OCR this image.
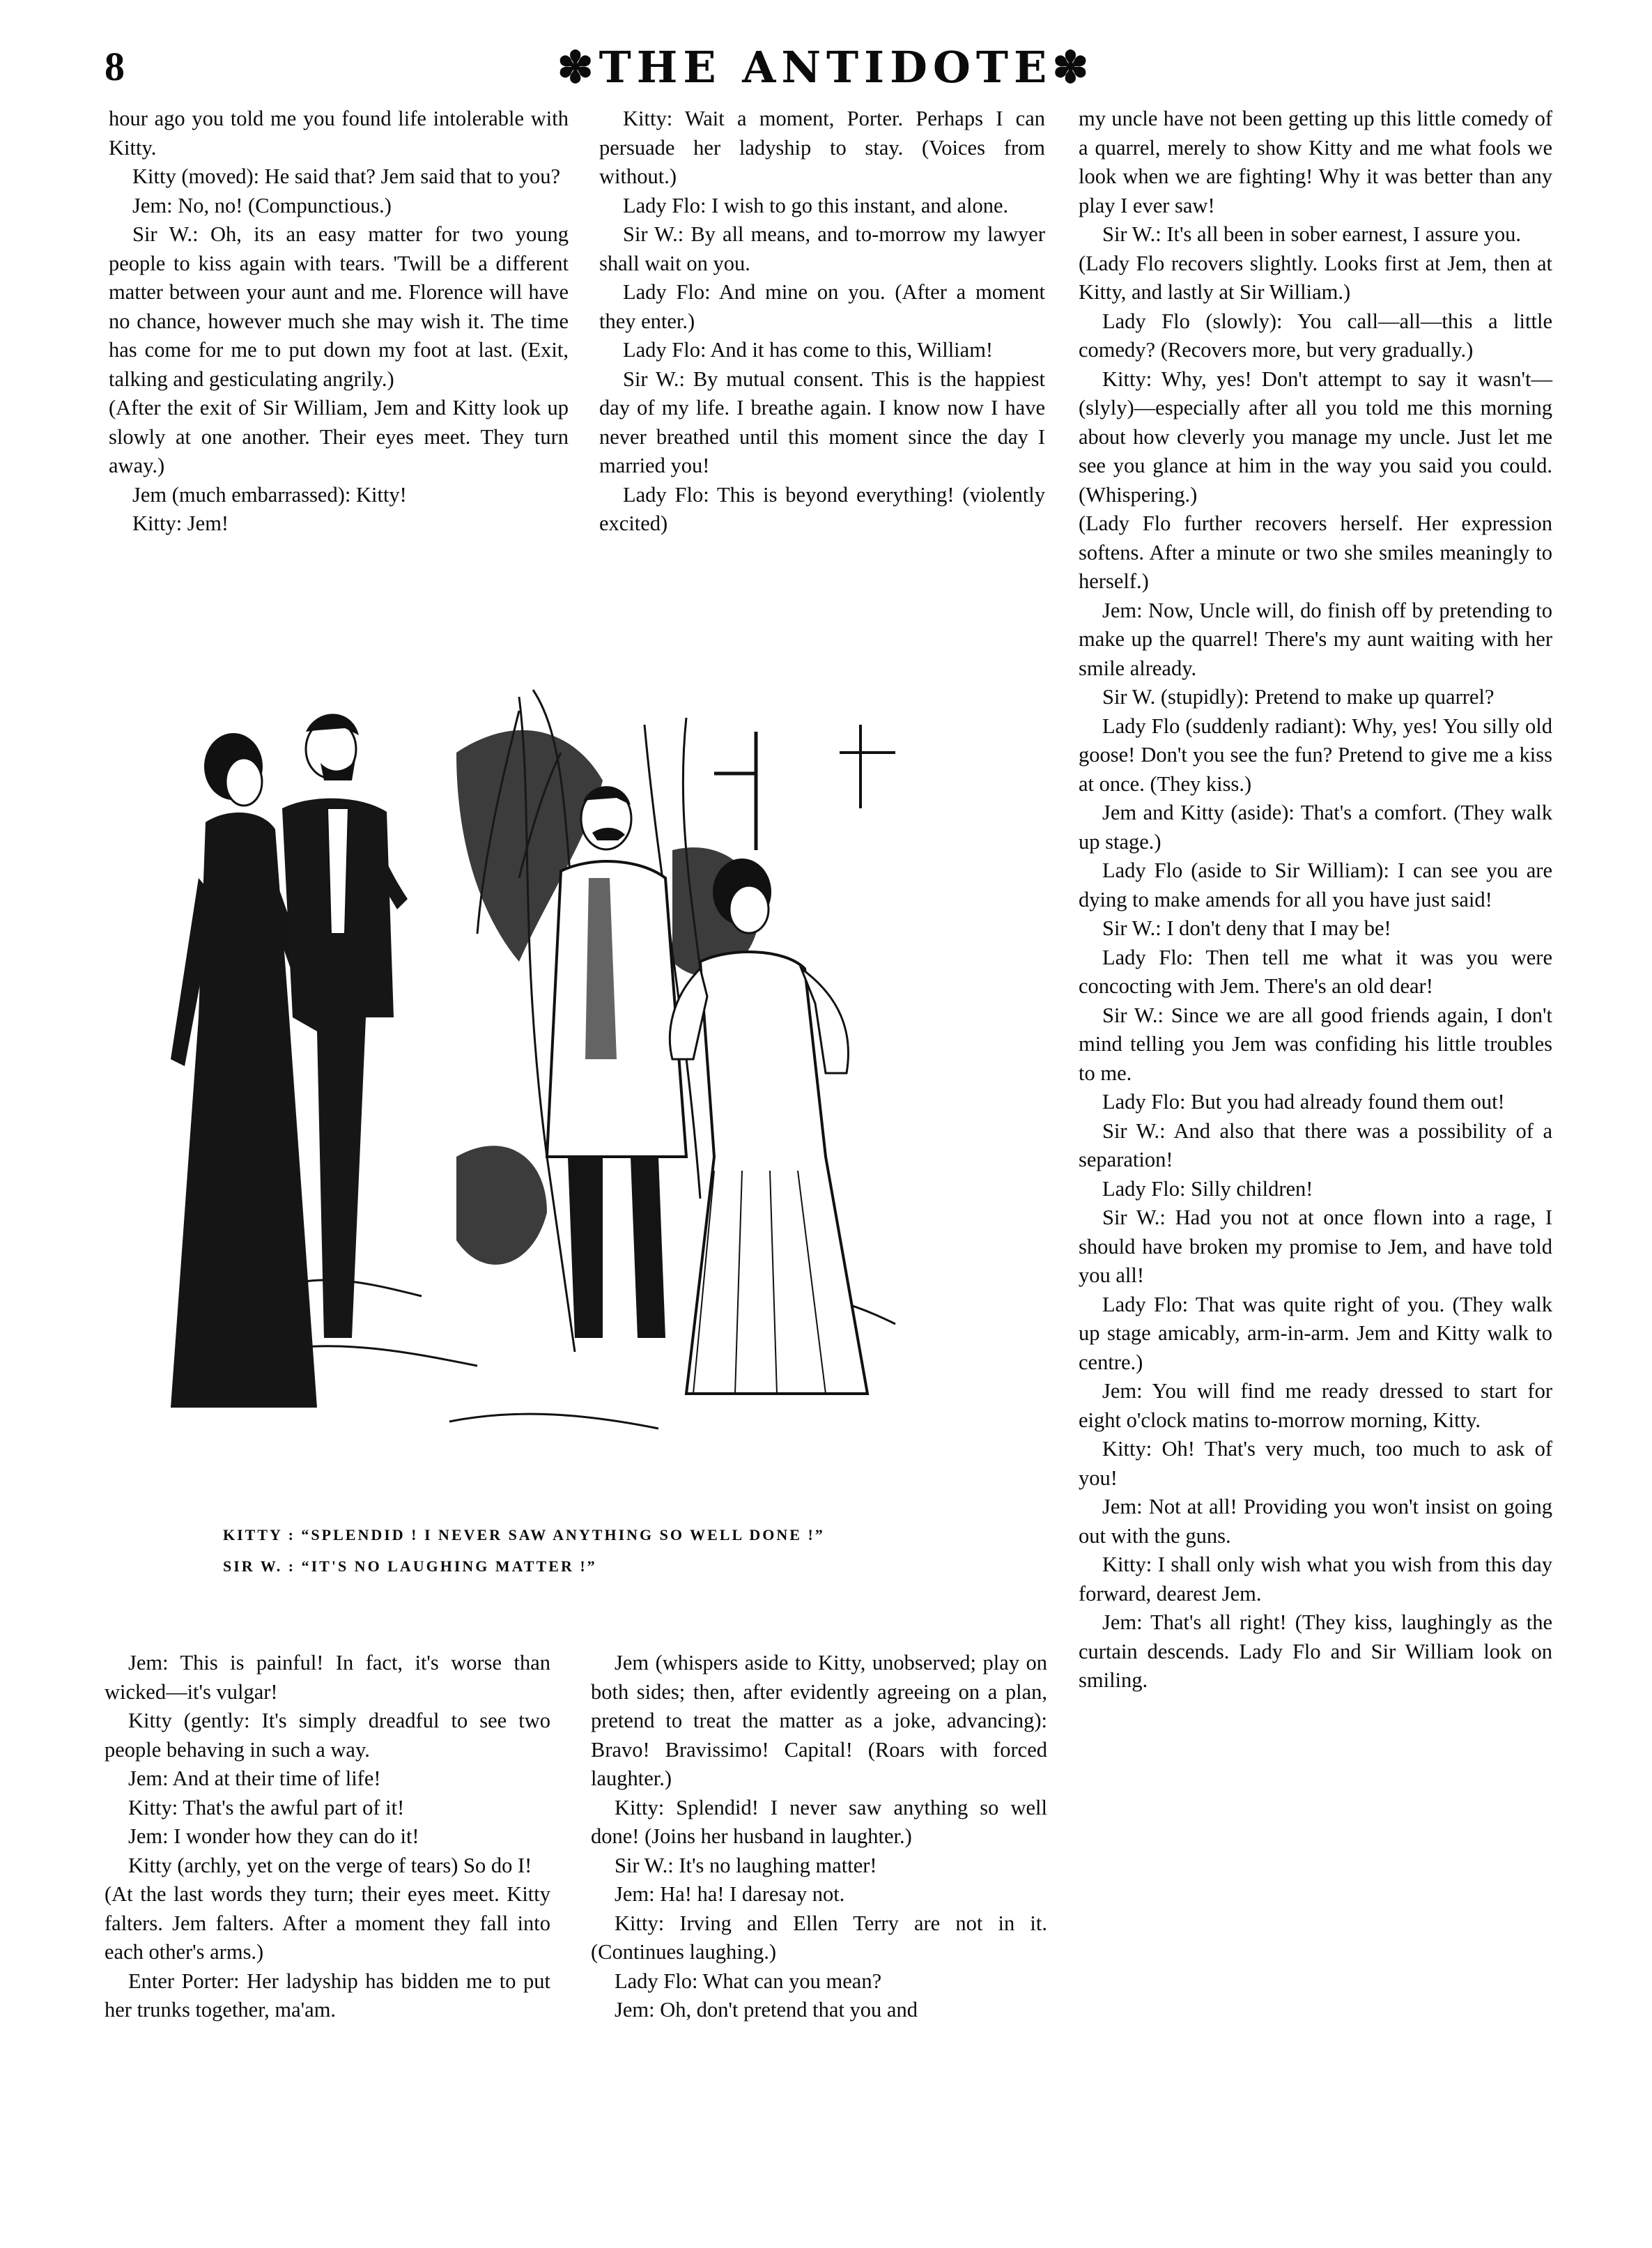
8	✽THE ANTIDOTE✽

hour ago you told me you found life intolerable with Kitty.

Kitty (moved): He said that? Jem said that to you?

Jem: No, no! (Compunctious.)

Sir W.: Oh, its an easy matter for two young people to kiss again with tears. 'Twill be a different matter between your aunt and me. Florence will have no chance, however much she may wish it. The time has come for me to put down my foot at last. (Exit, talking and gesticulating angrily.)

(After the exit of Sir William, Jem and Kitty look up slowly at one another. Their eyes meet. They turn away.)

Jem (much embarrassed): Kitty!

Kitty: Jem!

Kitty: Wait a moment, Porter. Perhaps I can persuade her ladyship to stay. (Voices from without.)

Lady Flo: I wish to go this instant, and alone.

Sir W.: By all means, and to-morrow my lawyer shall wait on you.

Lady Flo: And mine on you. (After a moment they enter.)

Lady Flo: And it has come to this, William!

Sir W.: By mutual consent. This is the happiest day of my life. I breathe again. I know now I have never breathed until this moment since the day I married you!

Lady Flo: This is beyond everything! (violently excited)

my uncle have not been getting up this little comedy of a quarrel, merely to show Kitty and me what fools we look when we are fighting! Why it was better than any play I ever saw!

Sir W.: It's all been in sober earnest, I assure you.

(Lady Flo recovers slightly. Looks first at Jem, then at Kitty, and lastly at Sir William.)

Lady Flo (slowly): You call—all—this a little comedy? (Recovers more, but very gradually.)

Kitty: Why, yes! Don't attempt to say it wasn't—(slyly)—especially after all you told me this morning about how cleverly you manage my uncle. Just let me see you glance at him in the way you said you could. (Whispering.)

(Lady Flo further recovers herself. Her expression softens. After a minute or two she smiles meaningly to herself.)

Jem: Now, Uncle will, do finish off by pretending to make up the quarrel! There's my aunt waiting with her smile already.

Sir W. (stupidly): Pretend to make up quarrel?

Lady Flo (suddenly radiant): Why, yes! You silly old goose! Don't you see the fun? Pretend to give me a kiss at once. (They kiss.)

Jem and Kitty (aside): That's a comfort. (They walk up stage.)

Lady Flo (aside to Sir William): I can see you are dying to make amends for all you have just said!

Sir W.: I don't deny that I may be!

Lady Flo: Then tell me what it was you were concocting with Jem. There's an old dear!

Sir W.: Since we are all good friends again, I don't mind telling you Jem was confiding his little troubles to me.

Lady Flo: But you had already found them out!

Sir W.: And also that there was a possibility of a separation!

Lady Flo: Silly children!

Sir W.: Had you not at once flown into a rage, I should have broken my promise to Jem, and have told you all!

Lady Flo: That was quite right of you. (They walk up stage amicably, arm-in-arm. Jem and Kitty walk to centre.)

Jem: You will find me ready dressed to start for eight o'clock matins to-morrow morning, Kitty.

Kitty: Oh! That's very much, too much to ask of you!

Jem: Not at all! Providing you won't insist on going out with the guns.

Kitty: I shall only wish what you wish from this day forward, dearest Jem.

Jem: That's all right! (They kiss, laughingly as the curtain descends. Lady Flo and Sir William look on smiling.

KITTY : “SPLENDID ! I NEVER SAW ANYTHING SO WELL DONE !”
SIR W. : “IT'S NO LAUGHING MATTER !”

Jem: This is painful! In fact, it's worse than wicked—it's vulgar!

Kitty (gently: It's simply dreadful to see two people behaving in such a way.

Jem: And at their time of life!

Kitty: That's the awful part of it!

Jem: I wonder how they can do it!

Kitty (archly, yet on the verge of tears) So do I!

(At the last words they turn; their eyes meet. Kitty falters. Jem falters. After a moment they fall into each other's arms.)

Enter Porter: Her ladyship has bidden me to put her trunks together, ma'am.

Jem (whispers aside to Kitty, unobserved; play on both sides; then, after evidently agreeing on a plan, pretend to treat the matter as a joke, advancing): Bravo! Bravissimo! Capital! (Roars with forced laughter.)

Kitty: Splendid! I never saw anything so well done! (Joins her husband in laughter.)

Sir W.: It's no laughing matter!

Jem: Ha! ha! I daresay not.

Kitty: Irving and Ellen Terry are not in it. (Continues laughing.)

Lady Flo: What can you mean?

Jem: Oh, don't pretend that you and
